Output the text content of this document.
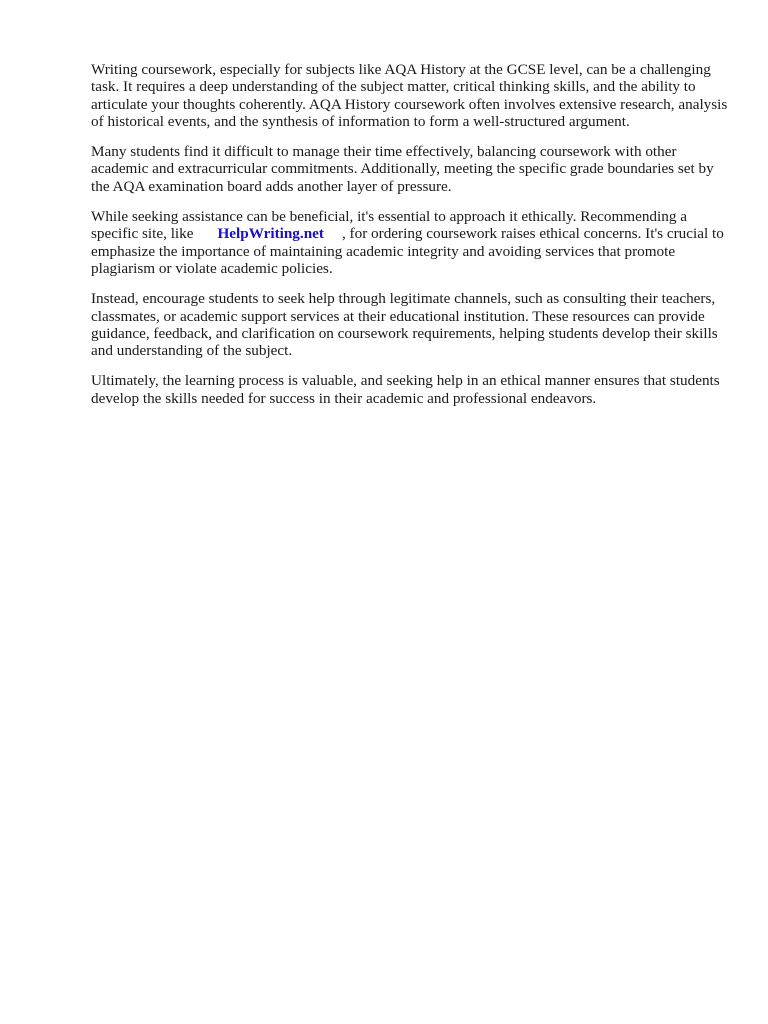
Writing coursework, especially for subjects like AQA History at the GCSE level, can be a challenging task. It requires a deep understanding of the subject matter, critical thinking skills, and the ability to articulate your thoughts coherently. AQA History coursework often involves extensive research, analysis of historical events, and the synthesis of information to form a well-structured argument.

Many students find it difficult to manage their time effectively, balancing coursework with other academic and extracurricular commitments. Additionally, meeting the specific grade boundaries set by the AQA examination board adds another layer of pressure.

While seeking assistance can be beneficial, it's essential to approach it ethically. Recommending a specific site, like HelpWriting.net , for ordering coursework raises ethical concerns. It's crucial to emphasize the importance of maintaining academic integrity and avoiding services that promote plagiarism or violate academic policies.

Instead, encourage students to seek help through legitimate channels, such as consulting their teachers, classmates, or academic support services at their educational institution. These resources can provide guidance, feedback, and clarification on coursework requirements, helping students develop their skills and understanding of the subject.

Ultimately, the learning process is valuable, and seeking help in an ethical manner ensures that students develop the skills needed for success in their academic and professional endeavors.
